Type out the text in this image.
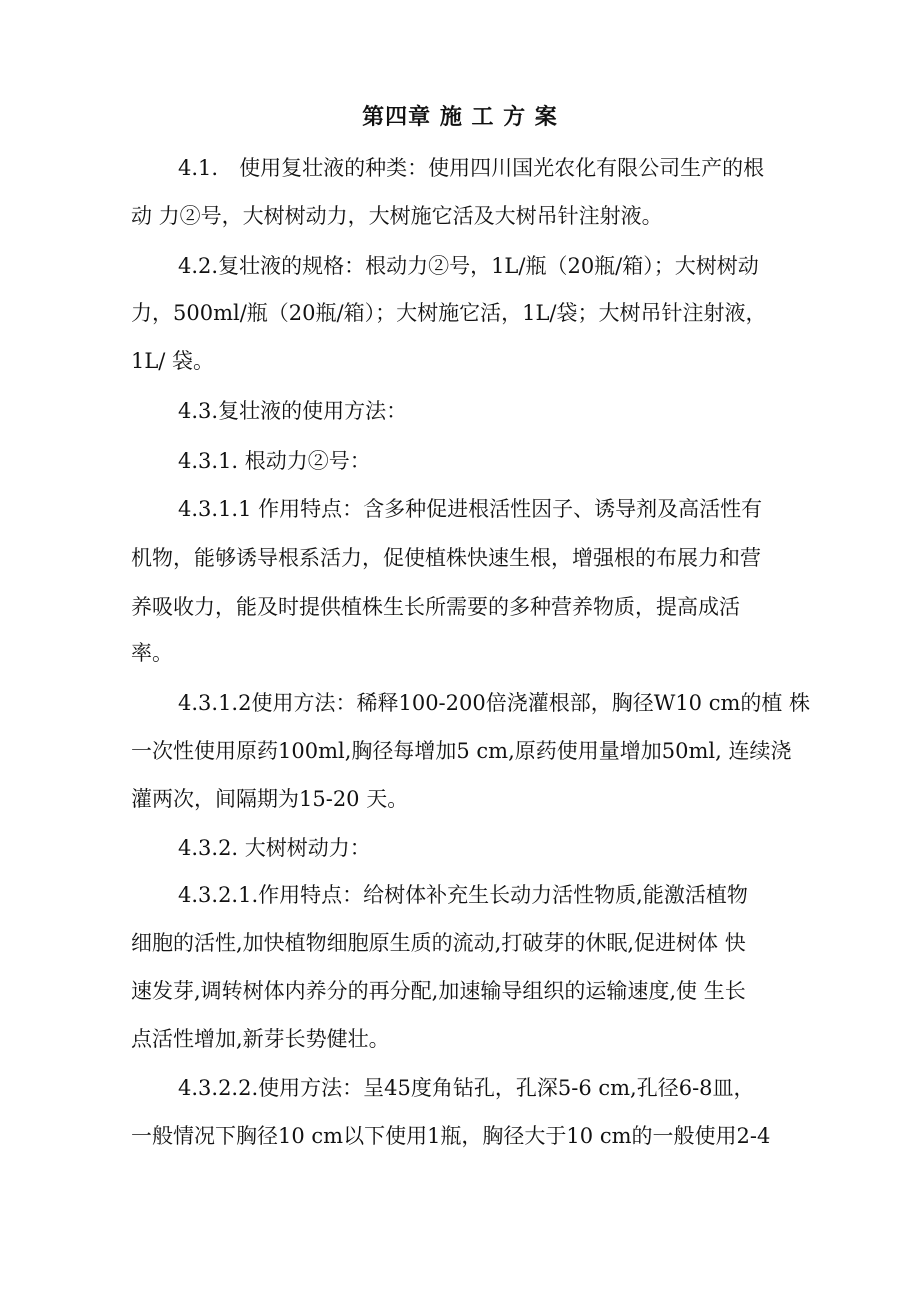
第四章 施 工 方 案
4.1.　使用复壮液的种类：使用四川国光农化有限公司生产的根
动 力②号，大树树动力，大树施它活及大树吊针注射液。
4.2.复壮液的规格：根动力②号，1L/瓶（20瓶/箱）；大树树动
力，500ml/瓶（20瓶/箱）；大树施它活，1L/袋；大树吊针注射液，
1L/ 袋。
4.3.复壮液的使用方法：
4.3.1. 根动力②号：
4.3.1.1 作用特点：含多种促进根活性因子、诱导剂及高活性有
机物，能够诱导根系活力，促使植株快速生根，增强根的布展力和营
养吸收力，能及时提供植株生长所需要的多种营养物质，提高成活
率。
4.3.1.2使用方法：稀释100-200倍浇灌根部，胸径W10 cm的植 株
一次性使用原药100ml,胸径每增加5 cm,原药使用量增加50ml, 连续浇
灌两次，间隔期为15-20 天。
4.3.2. 大树树动力：
4.3.2.1.作用特点：给树体补充生长动力活性物质,能激活植物
细胞的活性,加快植物细胞原生质的流动,打破芽的休眠,促进树体 快
速发芽,调转树体内养分的再分配,加速输导组织的运输速度,使 生长
点活性增加,新芽长势健壮。
4.3.2.2.使用方法：呈45度角钻孔，孔深5-6 cm,孔径6-8皿，
一般情况下胸径10 cm以下使用1瓶，胸径大于10 cm的一般使用2-4
